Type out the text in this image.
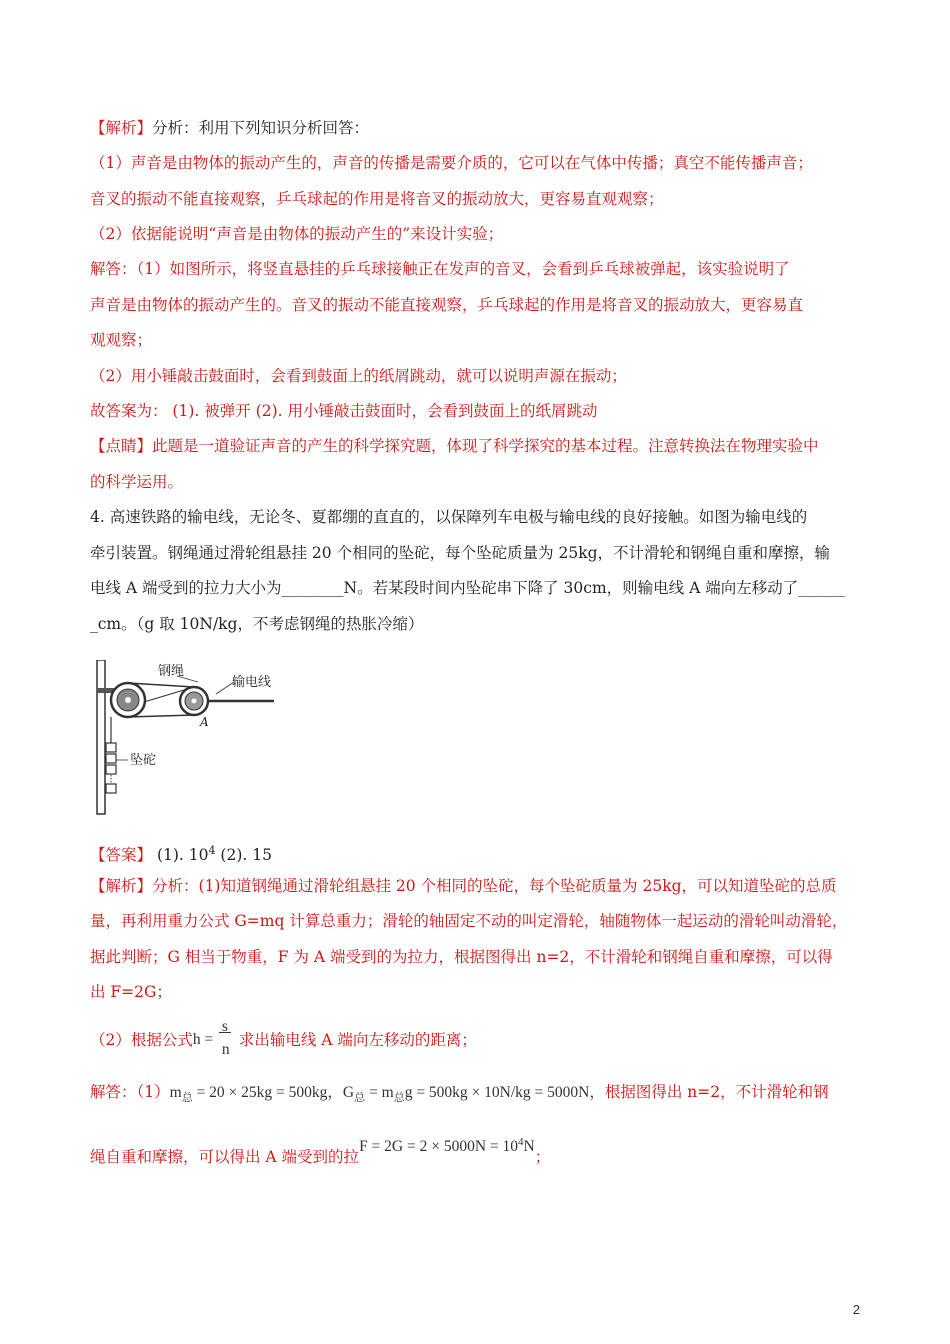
【解析】分析：利用下列知识分析回答：
（1）声音是由物体的振动产生的，声音的传播是需要介质的，它可以在气体中传播；真空不能传播声音；
音叉的振动不能直接观察，乒乓球起的作用是将音叉的振动放大，更容易直观观察；
（2）依据能说明“声音是由物体的振动产生的”来设计实验；
解答：（1）如图所示，将竖直悬挂的乒乓球接触正在发声的音叉，会看到乒乓球被弹起，该实验说明了
声音是由物体的振动产生的。音叉的振动不能直接观察，乒乓球起的作用是将音叉的振动放大，更容易直
观观察；
（2）用小锤敲击鼓面时，会看到鼓面上的纸屑跳动，就可以说明声源在振动；
故答案为： (1). 被弹开 (2). 用小锤敲击鼓面时，会看到鼓面上的纸屑跳动
【点睛】此题是一道验证声音的产生的科学探究题，体现了科学探究的基本过程。注意转换法在物理实验中
的科学运用。
4. 高速铁路的输电线，无论冬、夏都绷的直直的，以保障列车电极与输电线的良好接触。如图为输电线的
牵引装置。钢绳通过滑轮组悬挂 20 个相同的坠砣，每个坠砣质量为 25kg，不计滑轮和钢绳自重和摩擦，输
电线 A 端受到的拉力大小为________N。若某段时间内坠砣串下降了 30cm，则输电线 A 端向左移动了______
_cm。（g 取 10N/kg，不考虑钢绳的热胀冷缩）
钢绳
输电线
A
坠砣
【答案】 (1). $10^4$ (2). 15
【解析】分析：(1)知道钢绳通过滑轮组悬挂 20 个相同的坠砣，每个坠砣质量为 25kg，可以知道坠砣的总质
量，再利用重力公式 G=mq 计算总重力；滑轮的轴固定不动的叫定滑轮，轴随物体一起运动的滑轮叫动滑轮，
据此判断；G 相当于物重，F 为 A 端受到的为拉力，根据图得出 n=2，不计滑轮和钢绳自重和摩擦，可以得
出 F=2G；
（2）根据公式 h =
s
n
求出输电线 A 端向左移动的距离；
解答：$(1)m_总 = 20 \times 25kg = 500kg$，$G_总 = m_总g = 500kg \times 10N/kg = 5000N$，根据图得出 n=2，不计滑轮和钢
绳自重和摩擦，可以得出 A 端受到的拉$F = 2G = 2 \times 5000N = 10^4N$；
2
